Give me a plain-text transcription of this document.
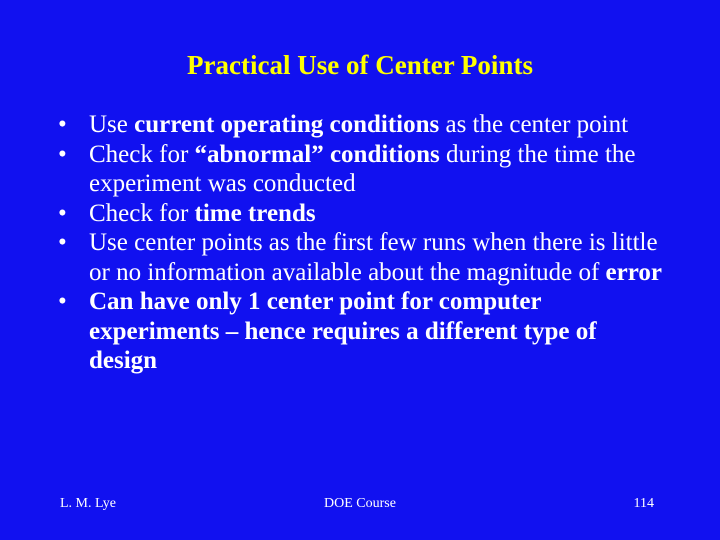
Practical Use of Center Points
• Use current operating conditions as the center point
• Check for “abnormal” conditions during the time the experiment was conducted
• Check for time trends
• Use center points as the first few runs when there is little or no information available about the magnitude of error
• Can have only 1 center point for computer experiments – hence requires a different type of design
L. M. Lye	DOE Course	114
